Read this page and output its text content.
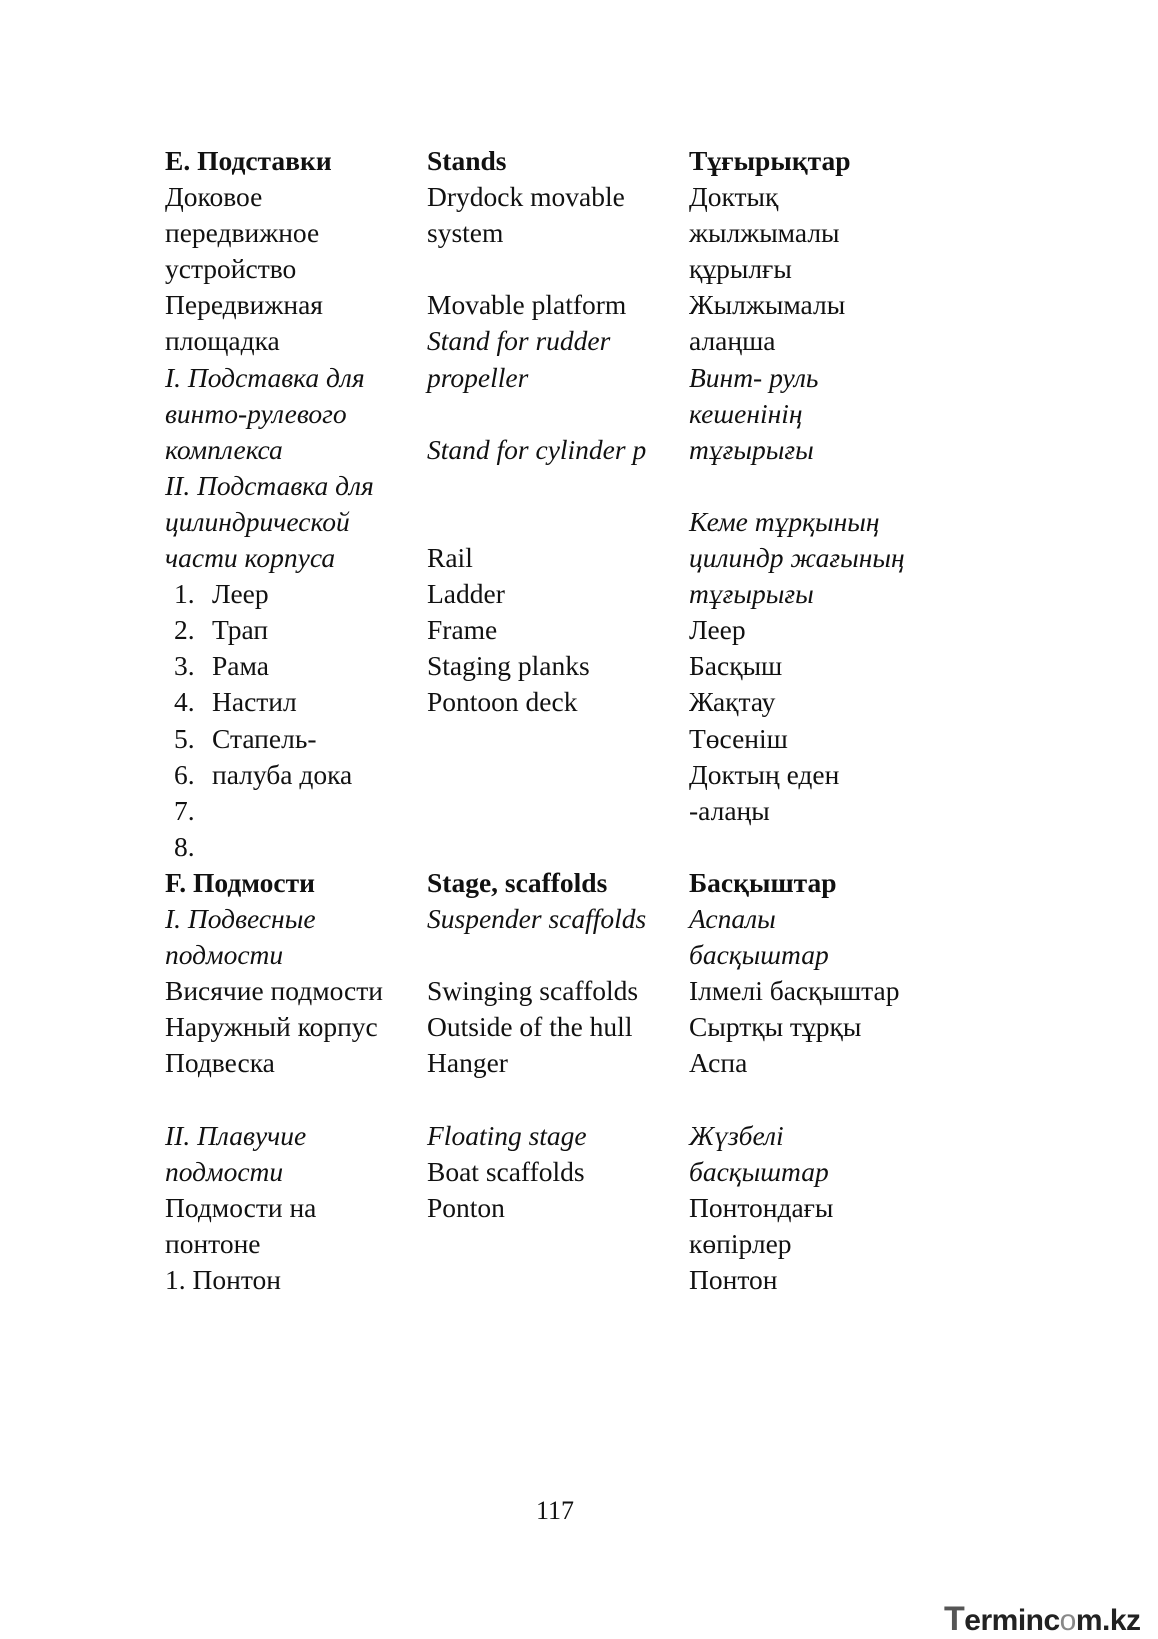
Е. Подставки
Доковое
передвижное
устройство
Передвижная
площадка
I. Подставка для
винто-рулевого
комплекса
II. Подставка для
цилиндрической
части корпуса
1. Леер
2. Трап
3. Рама
4. Настил
5. Стапель-
6. палуба дока
7.
8.
F. Подмости
I. Подвесные
подмости
Висячие подмости
Наружный корпус
Подвеска
II. Плавучие
подмости
Подмости на
понтоне
1. Понтон
Stands
Drydock movable
system
Movable platform
Stand for rudder
propeller
Stand for cylinder p
Rail
Ladder
Frame
Staging planks
Pontoon deck
Stage, scaffolds
Suspender scaffolds
Swinging scaffolds
Outside of the hull
Hanger
Floating stage
Boat scaffolds
Ponton
Тұғырықтар
Доктық
жылжымалы
құрылғы
Жылжымалы
алаңша
Винт- руль
кешенінің
тұғырығы
Кеме тұрқының
цилиндр жағының
тұғырығы
Леер
Басқыш
Жақтау
Төсеніш
Доктың еден
-алаңы
Басқыштар
Аспалы
басқыштар
Ілмелі басқыштар
Сыртқы тұрқы
Аспа
Жүзбелі
басқыштар
Понтондағы
көпірлер
Понтон
117
Termincom.kz
